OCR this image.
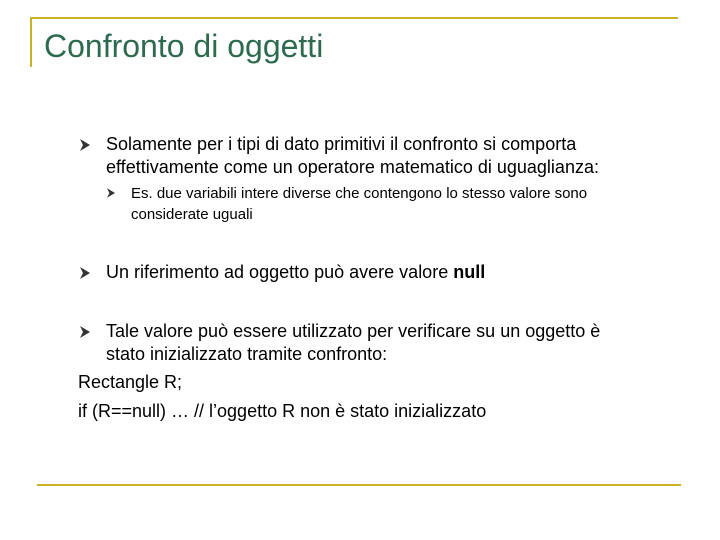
Confronto di oggetti
Solamente per i tipi di dato primitivi il confronto si comporta
effettivamente come un operatore matematico di uguaglianza:
Es. due variabili intere diverse che contengono lo stesso valore sono
considerate uguali
Un riferimento ad oggetto può avere valore null
Tale valore può essere utilizzato per verificare su un oggetto è
stato inizializzato tramite confronto:
Rectangle R;
if (R==null) … // l’oggetto R non è stato inizializzato
